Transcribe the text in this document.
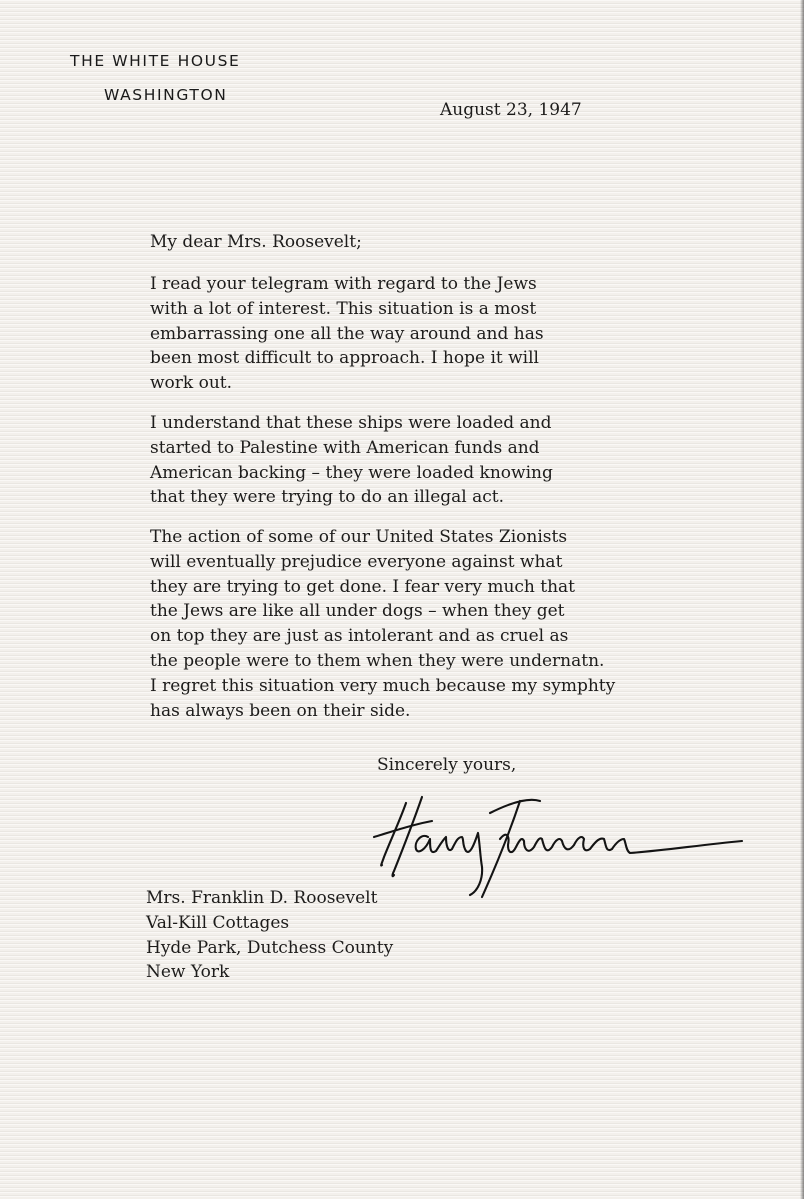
THE WHITE HOUSE
WASHINGTON
August 23, 1947
My dear Mrs. Roosevelt;
I read your telegram with regard to the Jews
with a lot of interest. This situation is a most
embarrassing one all the way around and has
been most difficult to approach. I hope it will
work out.
I understand that these ships were loaded and
started to Palestine with American funds and
American backing – they were loaded knowing
that they were trying to do an illegal act.
The action of some of our United States Zionists
will eventually prejudice everyone against what
they are trying to get done. I fear very much that
the Jews are like all under dogs – when they get
on top they are just as intolerant and as cruel as
the people were to them when they were undernatn.
I regret this situation very much because my symphty
has always been on their side.
Sincerely yours,
Mrs. Franklin D. Roosevelt
Val-Kill Cottages
Hyde Park, Dutchess County
New York
